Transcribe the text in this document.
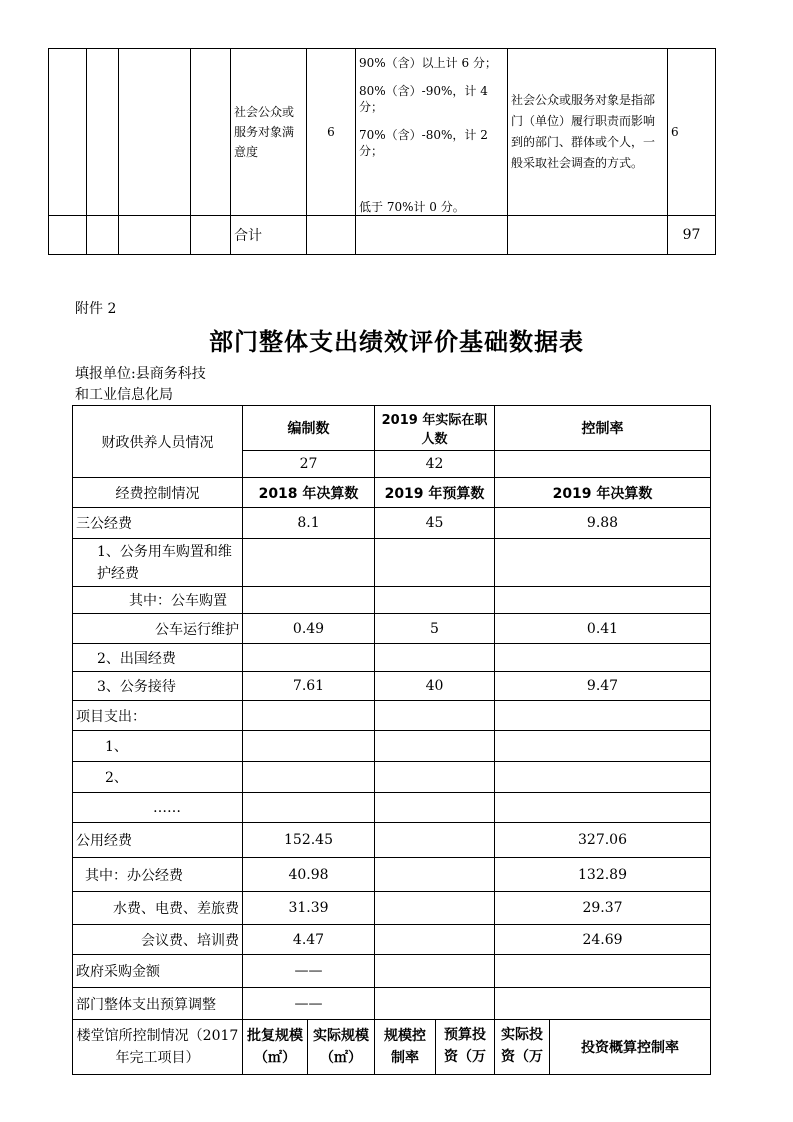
				社会公众或服务对象满意度	6	90%（含）以上计 6 分；
80%（含）-90%，计 4 分；
70%（含）-80%，计 2 分；
低于 70%计 0 分。	社会公众或服务对象是指部门（单位）履行职责而影响到的部门、群体或个人，一般采取社会调查的方式。	6
				合计				97
附件 2
部门整体支出绩效评价基础数据表
填报单位:县商务科技
和工业信息化局
财政供养人员情况	编制数		2019 年实际在职人数		控制率	
	27		42			
经费控制情况	2018 年决算数		2019 年预算数		2019 年决算数	
三公经费	8.1		45		9.88	
1、公务用车购置和维护经费						
其中：公车购置						
公车运行维护	0.49		5		0.41	
2、出国经费						
3、公务接待	7.61		40		9.47	
项目支出：						
1、						
2、						
……						
公用经费	152.45				327.06	
其中：办公经费	40.98				132.89	
水费、电费、差旅费	31.39				29.37	
会议费、培训费	4.47				24.69	
政府采购金额	——					
部门整体支出预算调整	——					
楼堂馆所控制情况（2017 年完工项目）	批复规模（㎡）	实际规模（㎡）	规模控制率	预算投资（万	实际投资（万	投资概算控制率
